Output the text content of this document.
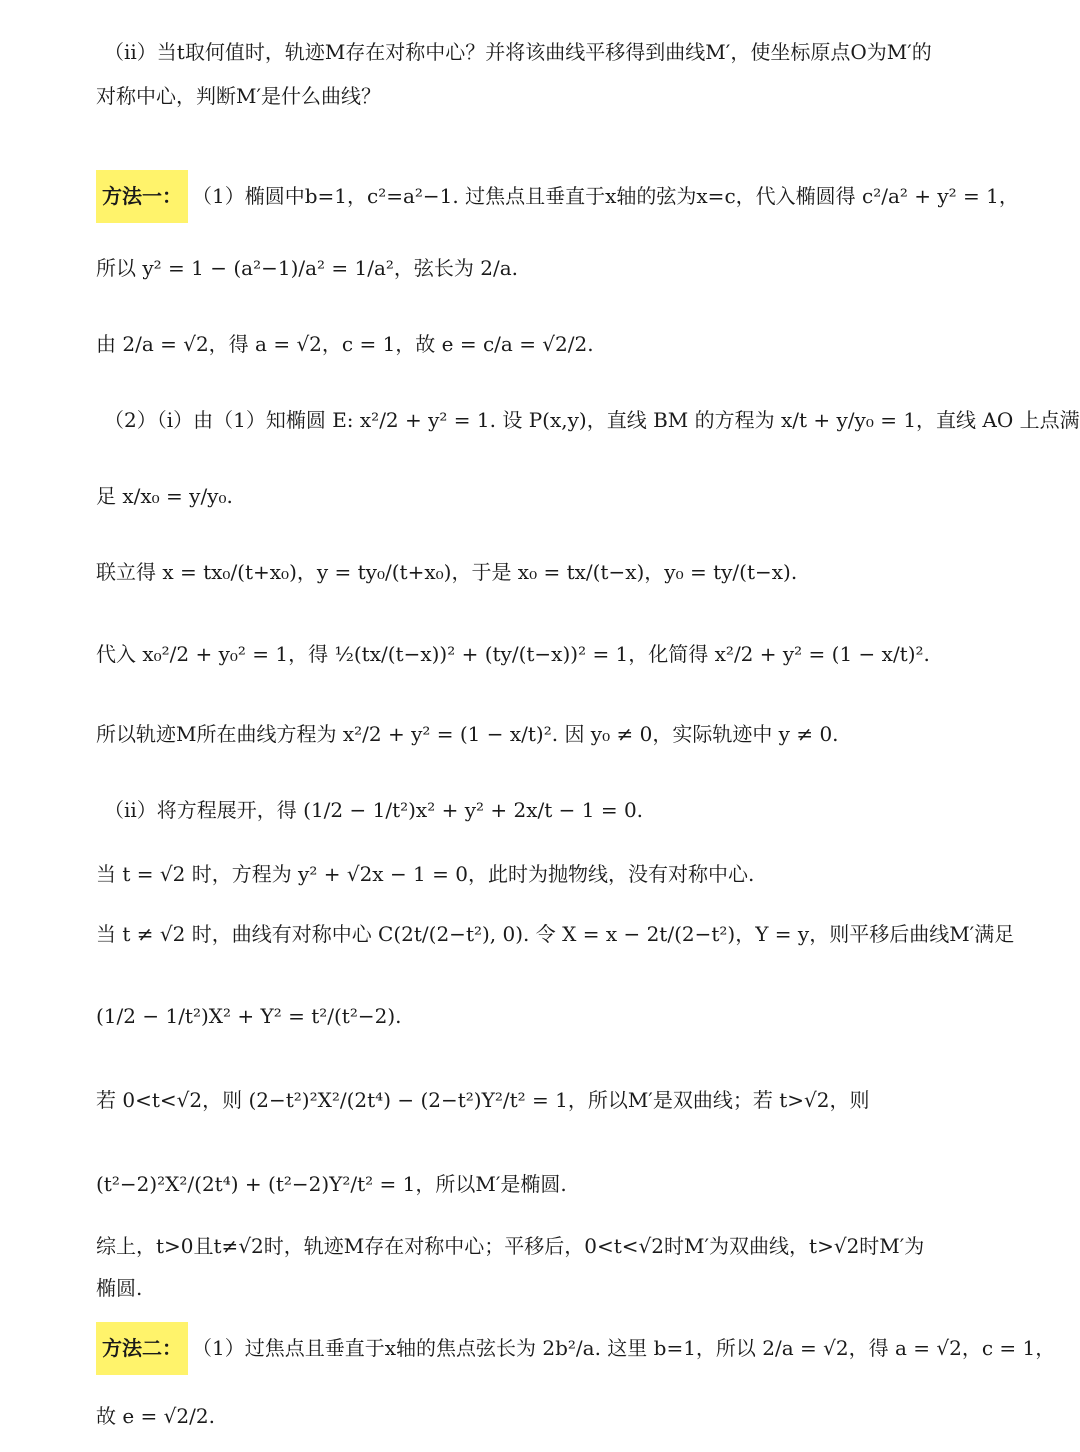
（ii）当t取何值时，轨迹M存在对称中心？并将该曲线平移得到曲线M′，使坐标原点O为M′的
对称中心，判断M′是什么曲线？
方法一： （1）椭圆中b=1，c²=a²−1. 过焦点且垂直于x轴的弦为x=c，代入椭圆得 c²/a² + y² = 1，
所以 y² = 1 − (a²−1)/a² = 1/a²，弦长为 2/a.
由 2/a = √2，得 a = √2，c = 1，故 e = c/a = √2/2.
（2）（i）由（1）知椭圆 E: x²/2 + y² = 1. 设 P(x,y)，直线 BM 的方程为 x/t + y/y₀ = 1，直线 AO 上点满
足 x/x₀ = y/y₀.
联立得 x = tx₀/(t+x₀)，y = ty₀/(t+x₀)，于是 x₀ = tx/(t−x)，y₀ = ty/(t−x).
代入 x₀²/2 + y₀² = 1，得 ½(tx/(t−x))² + (ty/(t−x))² = 1，化简得 x²/2 + y² = (1 − x/t)².
所以轨迹M所在曲线方程为 x²/2 + y² = (1 − x/t)². 因 y₀ ≠ 0，实际轨迹中 y ≠ 0.
（ii）将方程展开，得 (1/2 − 1/t²)x² + y² + 2x/t − 1 = 0.
当 t = √2 时，方程为 y² + √2x − 1 = 0，此时为抛物线，没有对称中心.
当 t ≠ √2 时，曲线有对称中心 C(2t/(2−t²), 0). 令 X = x − 2t/(2−t²)，Y = y，则平移后曲线M′满足
(1/2 − 1/t²)X² + Y² = t²/(t²−2).
若 0<t<√2，则 (2−t²)²X²/(2t⁴) − (2−t²)Y²/t² = 1，所以M′是双曲线；若 t>√2，则
(t²−2)²X²/(2t⁴) + (t²−2)Y²/t² = 1，所以M′是椭圆.
综上，t>0且t≠√2时，轨迹M存在对称中心；平移后，0<t<√2时M′为双曲线，t>√2时M′为
椭圆.
方法二： （1）过焦点且垂直于x轴的焦点弦长为 2b²/a. 这里 b=1，所以 2/a = √2，得 a = √2，c = 1，
故 e = √2/2.
